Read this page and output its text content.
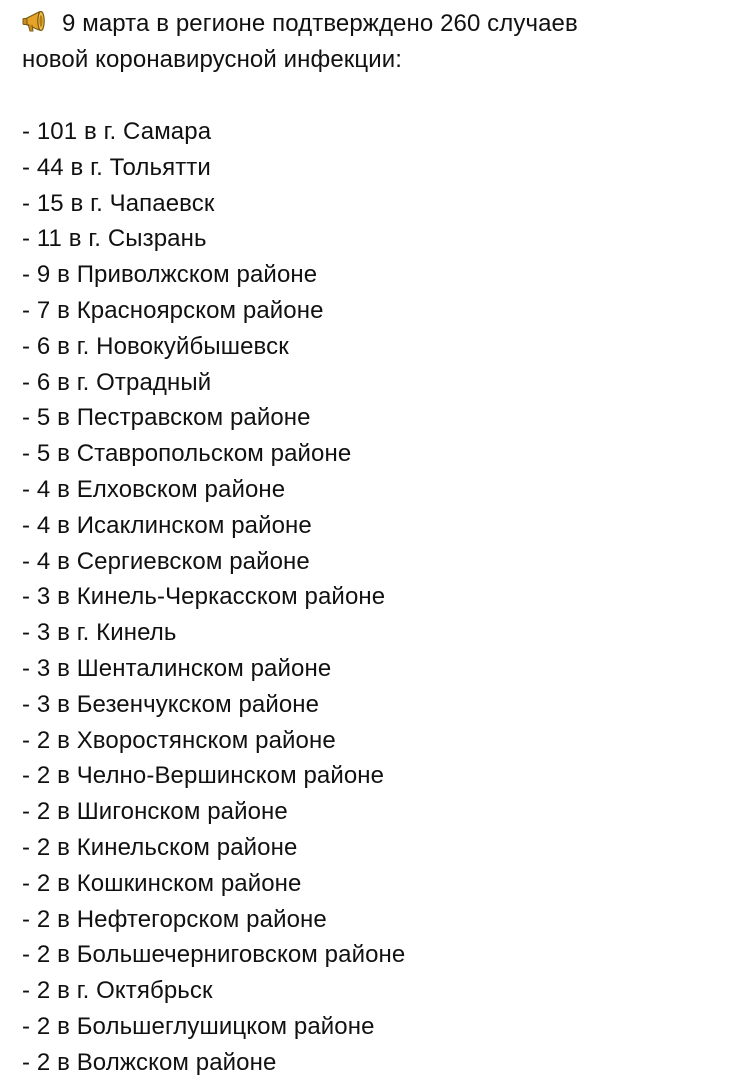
9 марта в регионе подтверждено 260 случаев
новой коронавирусной инфекции:
- 101 в г. Самара
- 44 в г. Тольятти
- 15 в г. Чапаевск
- 11 в г. Сызрань
- 9 в Приволжском районе
- 7 в Красноярском районе
- 6 в г. Новокуйбышевск
- 6 в г. Отрадный
- 5 в Пестравском районе
- 5 в Ставропольском районе
- 4 в Елховском районе
- 4 в Исаклинском районе
- 4 в Сергиевском районе
- 3 в Кинель-Черкасском районе
- 3 в г. Кинель
- 3 в Шенталинском районе
- 3 в Безенчукском районе
- 2 в Хворостянском районе
- 2 в Челно-Вершинском районе
- 2 в Шигонском районе
- 2 в Кинельском районе
- 2 в Кошкинском районе
- 2 в Нефтегорском районе
- 2 в Большечерниговском районе
- 2 в г. Октябрьск
- 2 в Большеглушицком районе
- 2 в Волжском районе
